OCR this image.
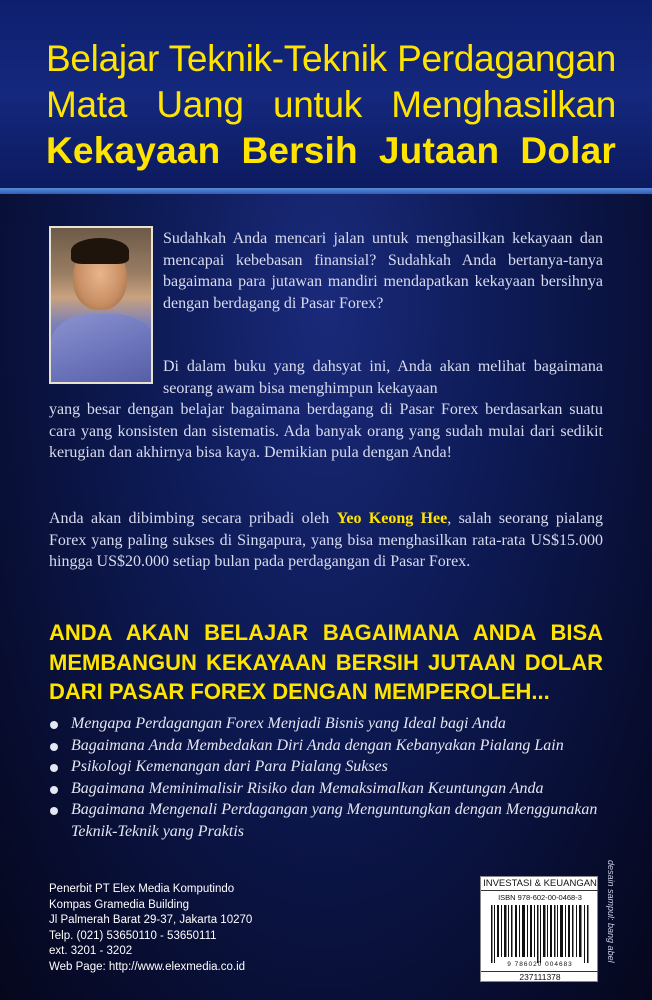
Belajar Teknik-Teknik Perdagangan
Mata Uang untuk Menghasilkan
Kekayaan Bersih Jutaan Dolar

Sudahkah Anda mencari jalan untuk menghasilkan kekayaan dan mencapai kebebasan finansial? Sudahkah Anda bertanya-tanya bagaimana para jutawan mandiri mendapatkan kekayaan bersihnya dengan berdagang di Pasar Forex?

Di dalam buku yang dahsyat ini, Anda akan melihat bagaimana seorang awam bisa menghimpun kekayaan

yang besar dengan belajar bagaimana berdagang di Pasar Forex berdasarkan suatu cara yang konsisten dan sistematis. Ada banyak orang yang sudah mulai dari sedikit kerugian dan akhirnya bisa kaya. Demikian pula dengan Anda!

Anda akan dibimbing secara pribadi oleh Yeo Keong Hee, salah seorang pialang Forex yang paling sukses di Singapura, yang bisa menghasilkan rata-rata US$15.000 hingga US$20.000 setiap bulan pada perdagangan di Pasar Forex.

ANDA AKAN BELAJAR BAGAIMANA ANDA BISA
MEMBANGUN KEKAYAAN BERSIH JUTAAN DOLAR
DARI PASAR FOREX DENGAN MEMPEROLEH...
Mengapa Perdagangan Forex Menjadi Bisnis yang Ideal bagi Anda
Bagaimana Anda Membedakan Diri Anda dengan Kebanyakan Pialang Lain
Psikologi Kemenangan dari Para Pialang Sukses
Bagaimana Meminimalisir Risiko dan Memaksimalkan Keuntungan Anda
Bagaimana Mengenali Perdagangan yang Menguntungkan dengan Menggunakan Teknik-Teknik yang Praktis
Penerbit PT Elex Media Komputindo
Kompas Gramedia Building
Jl Palmerah Barat 29-37, Jakarta 10270
Telp. (021) 53650110 - 53650111
ext. 3201 - 3202
Web Page: http://www.elexmedia.co.id
INVESTASI & KEUANGAN
ISBN 978-602-00-0468-3
9 786020 004683
237111378
desain sampul: bang abel
